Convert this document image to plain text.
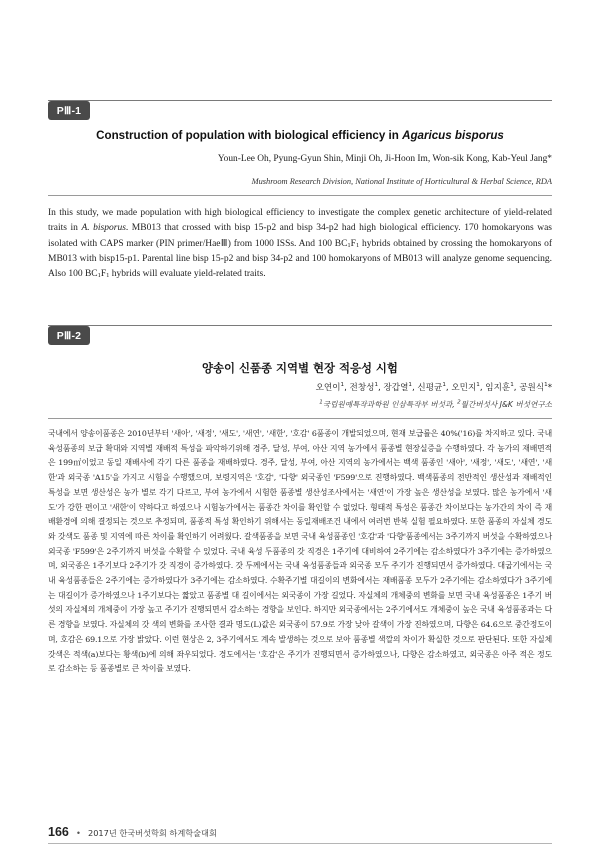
PⅢ-1
Construction of population with biological efficiency in Agaricus bisporus
Youn-Lee Oh, Pyung-Gyun Shin, Minji Oh, Ji-Hoon Im, Won-sik Kong, Kab-Yeul Jang*
Mushroom Research Division, National Institute of Horticultural & Herbal Science, RDA
In this study, we made population with high biological efficiency to investigate the complex genetic architecture of yield-related traits in A. bisporus. MB013 that crossed with bisp 15-p2 and bisp 34-p2 had high biological efficiency. 170 homokaryons was isolated with CAPS marker (PIN primer/HaeⅢ) from 1000 ISSs. And 100 $BC_1F_1$ hybrids obtained by crossing the homokaryons of MB013 with bisp15-p1. Parental line bisp 15-p2 and bisp 34-p2 and 100 homokaryons of MB013 will analyze genome sequencing. Also 100 $BC_1F_1$ hybrids will evaluate yield-related traits.
PⅢ-2
양송이 신품종 지역별 현장 적응성 시험
오연이$^1$, 전창성$^1$, 장갑열$^1$, 신평균$^1$, 오민지$^1$, 임지훈$^1$, 공원식$^1$*
$^1$국립원예특작과학원 인삼특작부 버섯과, $^2$월간버섯사 J&K 버섯연구소
국내에서 양송이품종은 2010년부터 '새아', '새정', '새도', '새연', '새한', '호감' 6품종이 개발되었으며, 현재 보급률은 40%('16)를 차지하고 있다. 국내 육성품종의 보급 확대와 지역별 재배적 특성을 파악하기위해 경주, 달성, 부여, 아산 지역 농가에서 품종별 현장실증을 수행하였다. 각 농가의 재배면적은 199㎡이었고 동일 재배사에 각기 다른 품종을 재배하였다. 경주, 달성, 부여, 아산 지역의 농가에서는 백색 품종인 '새아', '새정', '새도', '새연', '새한'과 외국종 'A15'을 가지고 시험을 수행했으며, 보령지역은 '호감', '다향' 외국종인 'F599'으로 진행하였다. 백색품종의 전반적인 생산성과 재배적인 특성을 보면 생산성은 농가 별로 각기 다르고, 부여 농가에서 시험한 품종별 생산성조사에서는 '새연'이 가장 높은 생산성을 보였다. 많은 농가에서 '새도'가 강한 편이고 '새한'이 약하다고 하였으나 시험농가에서는 품종간 차이를 확인할 수 없었다. 형태적 특성은 품종간 차이보다는 농가간의 차이 즉 재배환경에 의해 결정되는 것으로 추정되며, 품종적 특성 확인하기 위해서는 동일재배조건 내에서 여러번 반복 실험 필요하였다. 또한 품종의 자실체 경도와 갓색도 품종 및 지역에 따른 차이를 확인하기 어려웠다. 갈색품종을 보면 국내 육성품종인 '호감'과 '다향'품종에서는 3주기까지 버섯을 수확하였으나 외국종 'F599'은 2주기까지 버섯을 수확할 수 있었다. 국내 육성 두품종의 갓 직경은 1주기에 대비하여 2주기에는 감소하였다가 3주기에는 증가하였으며, 외국종은 1주기보다 2주기가 갓 직경이 증가하였다. 갓 두께에서는 국내 육성품종들과 외국종 모두 주기가 진행되면서 증가하였다. 대굽기에서는 국내 육성품종들은 2주기에는 증가하였다가 3주기에는 감소하였다. 수확주기별 대길이의 변화에서는 재배품종 모두가 2주기에는 감소하였다가 3주기에는 대길이가 증가하였으나 1주기보다는 짧았고 품종별 대 길이에서는 외국종이 가장 길었다. 자실체의 개체중의 변화를 보면 국내 육성품종은 1주기 버섯의 자실체의 개체중이 가장 높고 주기가 진행되면서 감소하는 경향을 보인다. 하지만 외국종에서는 2주기에서도 개체중이 높은 국내 육성품종과는 다른 경향을 보였다. 자실체의 갓 색의 변화를 조사한 결과 명도(L)값은 외국종이 57.9로 가장 낮아 갈색이 가장 진하였으며, 다향은 64.6으로 중간정도이며, 호감은 69.1으로 가장 밝았다. 이런 현상은 2, 3주기에서도 계속 발생하는 것으로 보아 품종별 색깔의 차이가 확실한 것으로 판단된다. 또한 자실체 갓색은 적색(a)보다는 황색(b)에 의해 좌우되었다. 경도에서는 '호감'은 주기가 진행되면서 증가하였으나, 다향은 감소하였고, 외국종은 아주 적은 정도로 감소하는 등 품종별로 큰 차이를 보였다.
166 • 2017년 한국버섯학회 하계학술대회
